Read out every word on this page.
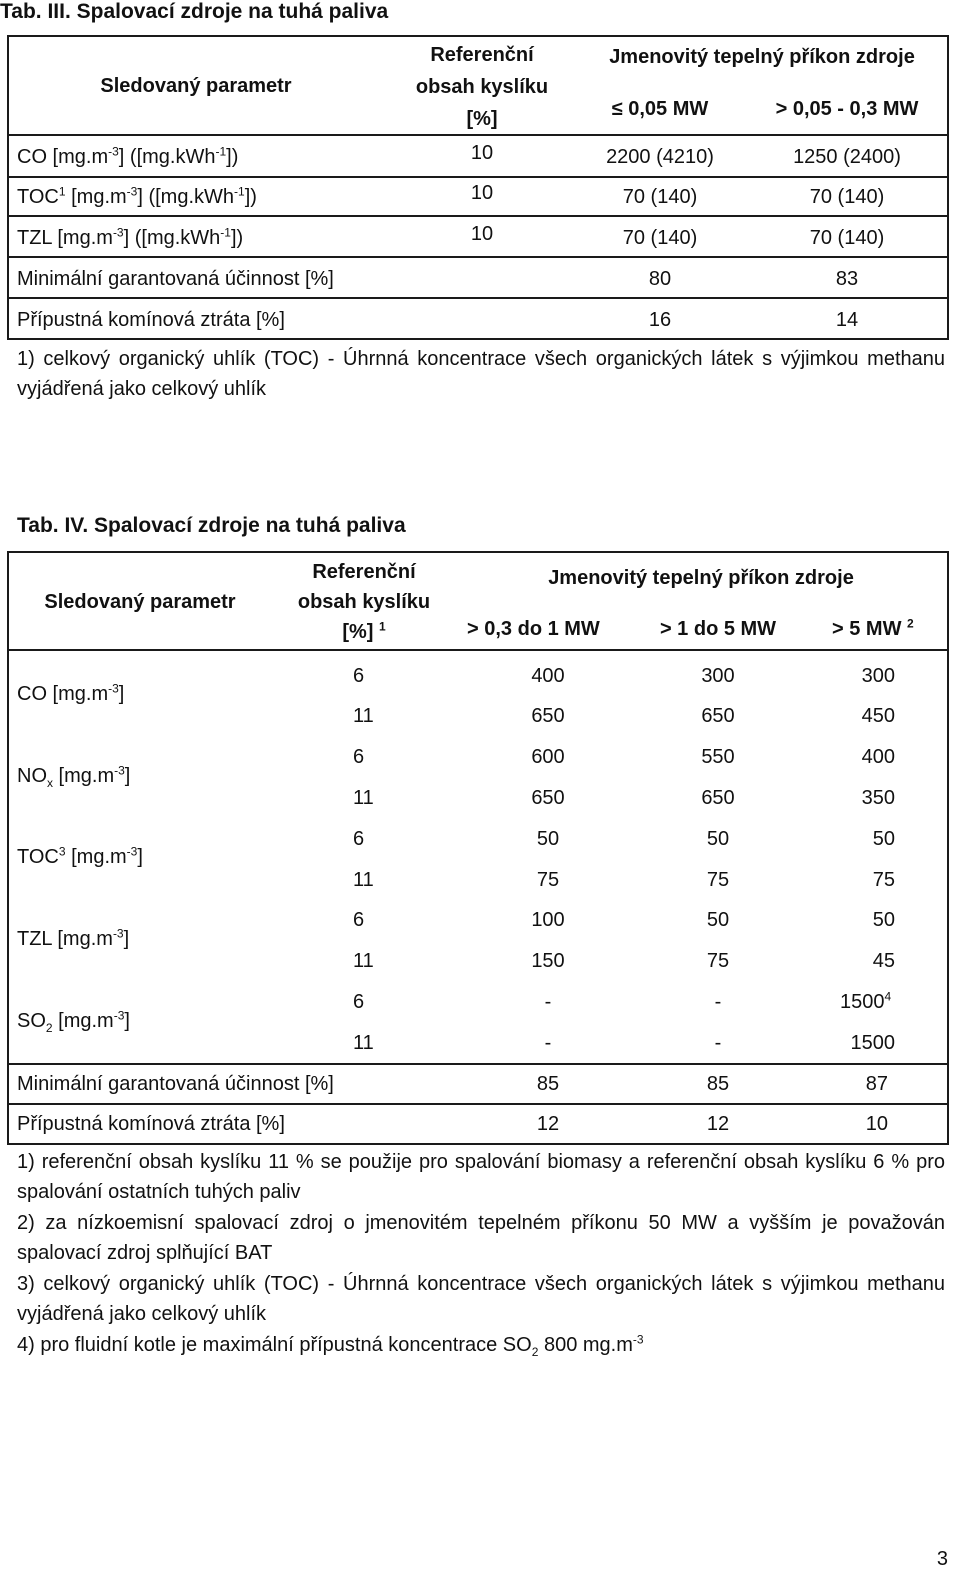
Tab. III. Spalovací zdroje na tuhá paliva
Sledovaný parametr
Referenční
obsah kyslíku
[%]
Jmenovitý tepelný příkon zdroje
≤ 0,05 MW	> 0,05 - 0,3 MW
CO $[mg.m^{-3}]$ ([mg.kWh$^{-1}$])	10	2200 (4210)	1250 (2400)
TOC$^1$ $[mg.m^{-3}]$ ([mg.kWh$^{-1}$])	10	70 (140)	70 (140)
TZL $[mg.m^{-3}]$ ([mg.kWh$^{-1}$])	10	70 (140)	70 (140)
Minimální garantovaná účinnost [%]	80	83
Přípustná komínová ztráta [%]	16	14
1) celkový organický uhlík (TOC) - Úhrnná koncentrace všech organických látek s výjimkou methanu vyjádřená jako celkový uhlík
Tab. IV. Spalovací zdroje na tuhá paliva
Sledovaný parametr
Referenční
obsah kyslíku
[%] $^1$
Jmenovitý tepelný příkon zdroje
> 0,3 do 1 MW	> 1 do 5 MW	> 5 MW $^2$
CO $[mg.m^{-3}]$
6	400	300	300
11	650	650	450
$NO_x$ $[mg.m^{-3}]$
6	600	550	400
11	650	650	350
TOC$^3$ $[mg.m^{-3}]$
6	50	50	50
11	75	75	75
TZL $[mg.m^{-3}]$
6	100	50	50
11	150	75	45
$SO_2$ $[mg.m^{-3}]$
6	-	-	1500$^4$
11	-	-	1500
Minimální garantovaná účinnost [%]	85	85	87
Přípustná komínová ztráta [%]	12	12	10
1) referenční obsah kyslíku 11 % se použije pro spalování biomasy a referenční obsah kyslíku 6 % pro spalování ostatních tuhých paliv
2) za nízkoemisní spalovací zdroj o jmenovitém tepelném příkonu 50 MW a vyšším je považován spalovací zdroj splňující BAT
3) celkový organický uhlík (TOC) - Úhrnná koncentrace všech organických látek s výjimkou methanu vyjádřená jako celkový uhlík
4) pro fluidní kotle je maximální přípustná koncentrace $SO_2$ 800 $mg.m^{-3}$
3
